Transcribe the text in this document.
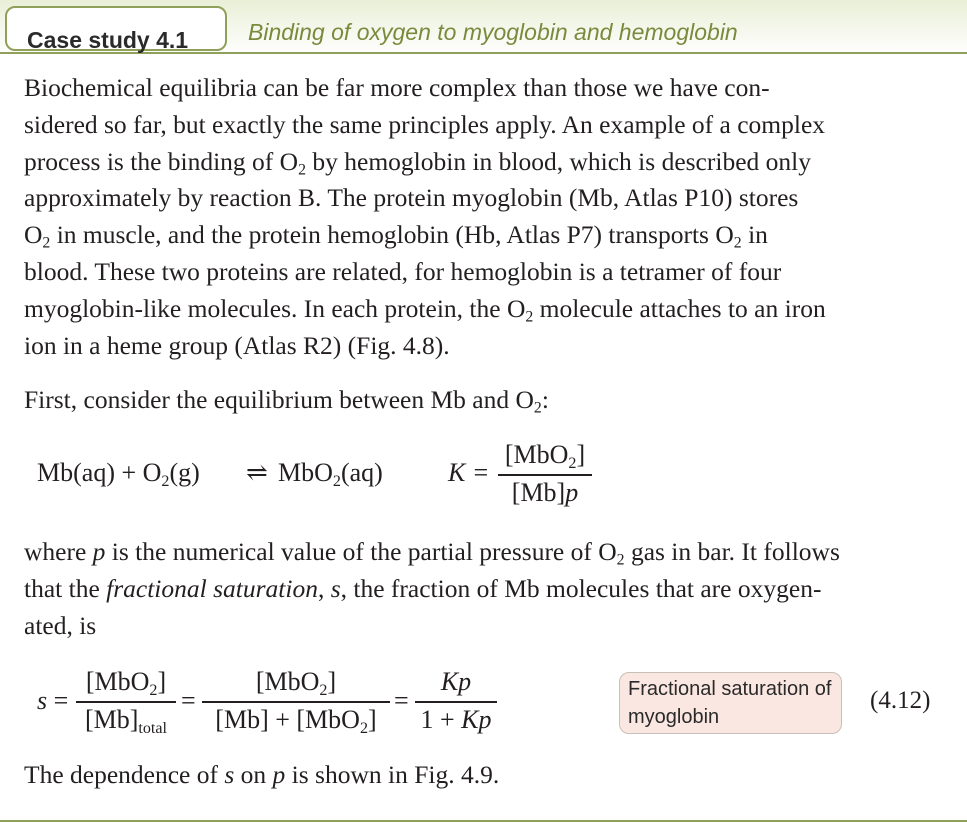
Case study 4.1	Binding of oxygen to myoglobin and hemoglobin
Biochemical equilibria can be far more complex than those we have con-
sidered so far, but exactly the same principles apply. An example of a complex
process is the binding of $O_2$ by hemoglobin in blood, which is described only
approximately by reaction B. The protein myoglobin (Mb, Atlas P10) stores
$O_2$ in muscle, and the protein hemoglobin (Hb, Atlas P7) transports $O_2$ in
blood. These two proteins are related, for hemoglobin is a tetramer of four
myoglobin-like molecules. In each protein, the $O_2$ molecule attaches to an iron
ion in a heme group (Atlas R2) (Fig. 4.8).
First, consider the equilibrium between Mb and $O_2$:
$Mb(aq) + O_2(g)$ ⇌ MbO$_2$(aq)	K =
[MbO$_2$]
[Mb]p
where p is the numerical value of the partial pressure of $O_2$ gas in bar. It follows
that the fractional saturation, s, the fraction of Mb molecules that are oxygen-
ated, is
s =
[MbO$_2$]
$[Mb]_{total}$
=
[MbO$_2$]
[Mb] + [MbO$_2$]
=
Kp
1 + Kp
Fractional saturation of myoglobin
(4.12)
The dependence of s on p is shown in Fig. 4.9.
